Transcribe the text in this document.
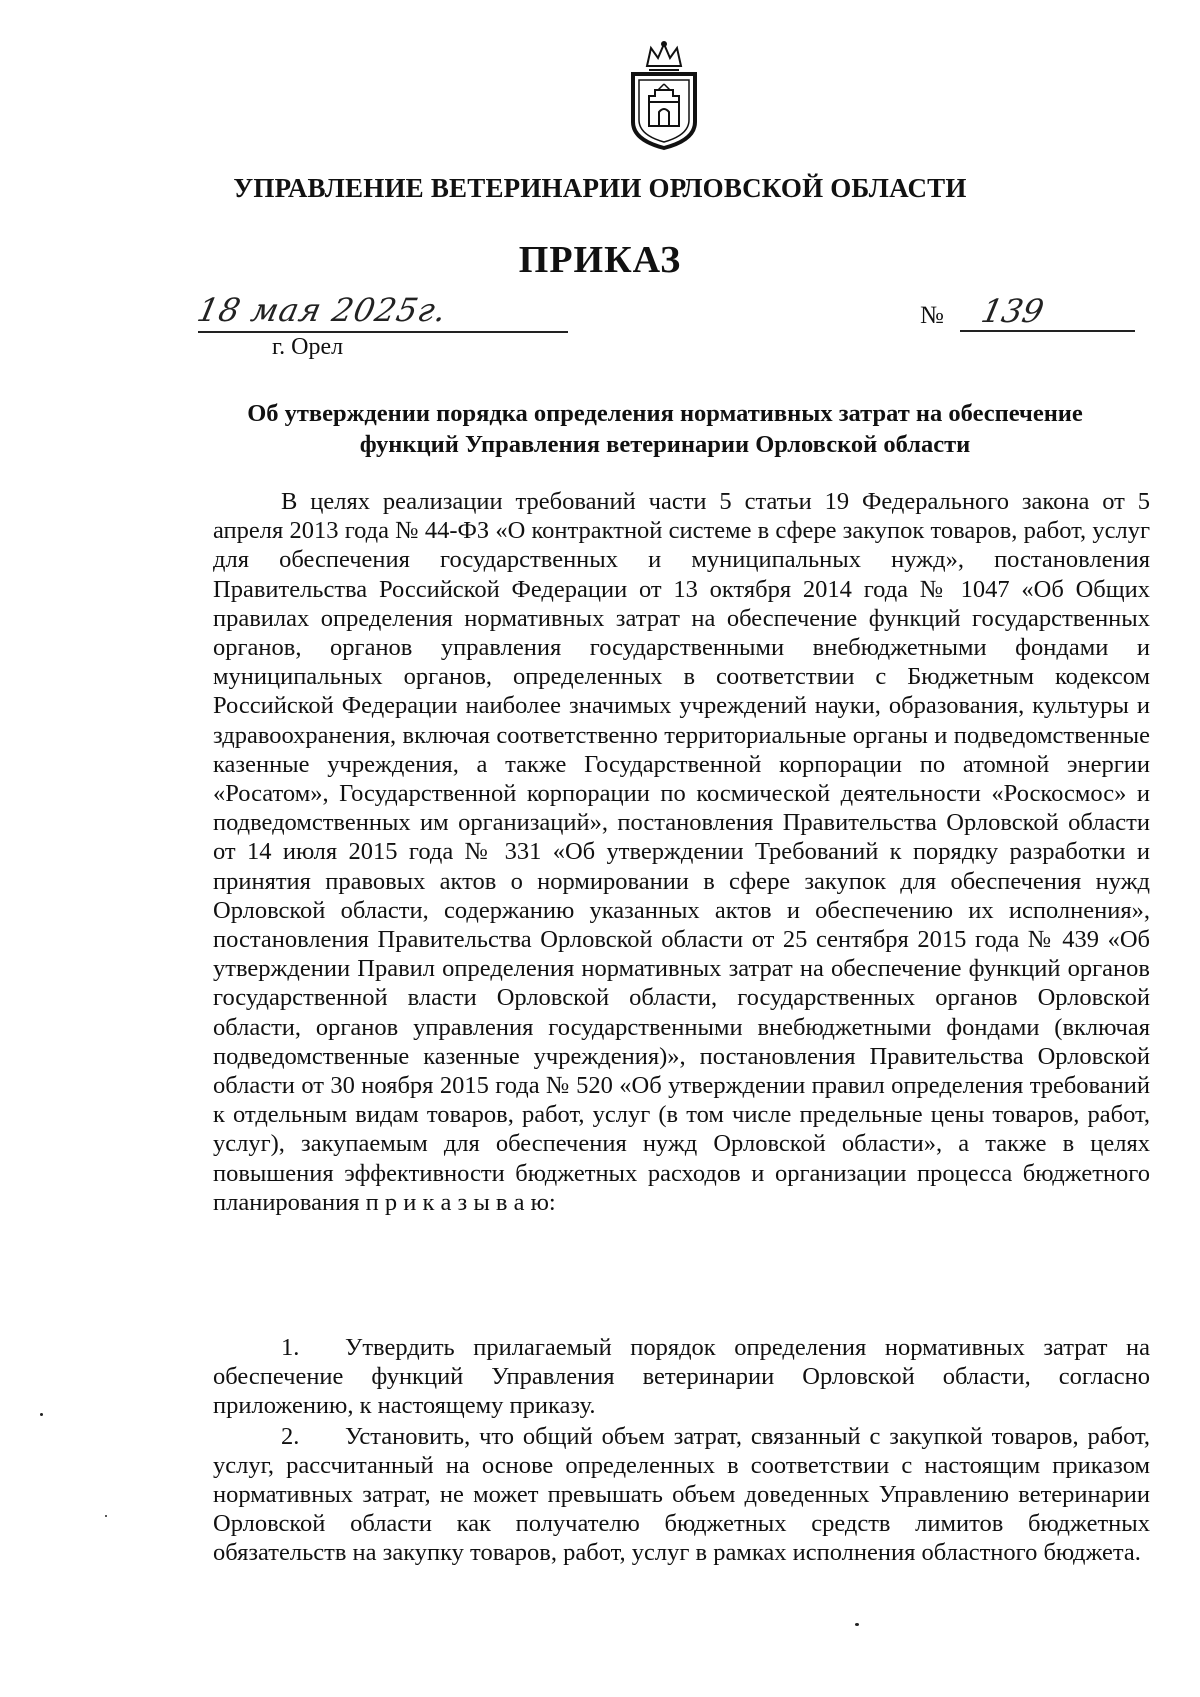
УПРАВЛЕНИЕ ВЕТЕРИНАРИИ ОРЛОВСКОЙ ОБЛАСТИ
ПРИКАЗ
18 мая 2025г.
г. Орел
№ 139
Об утверждении порядка определения нормативных затрат на обеспечение
функций Управления ветеринарии Орловской области

В целях реализации требований части 5 статьи 19 Федерального закона от 5 апреля 2013 года № 44-ФЗ «О контрактной системе в сфере закупок товаров, работ, услуг для обеспечения государственных и муниципальных нужд», постановления Правительства Российской Федерации от 13 октября 2014 года № 1047 «Об Общих правилах определения нормативных затрат на обеспечение функций государственных органов, органов управления государственными внебюджетными фондами и муниципальных органов, определенных в соответствии с Бюджетным кодексом Российской Федерации наиболее значимых учреждений науки, образования, культуры и здравоохранения, включая соответственно территориальные органы и подведомственные казенные учреждения, а также Государственной корпорации по атомной энергии «Росатом», Государственной корпорации по космической деятельности «Роскосмос» и подведомственных им организаций», постановления Правительства Орловской области от 14 июля 2015 года № 331 «Об утверждении Требований к порядку разработки и принятия правовых актов о нормировании в сфере закупок для обеспечения нужд Орловской области, содержанию указанных актов и обеспечению их исполнения», постановления Правительства Орловской области от 25 сентября 2015 года № 439 «Об утверждении Правил определения нормативных затрат на обеспечение функций органов государственной власти Орловской области, государственных органов Орловской области, органов управления государственными внебюджетными фондами (включая подведомственные казенные учреждения)», постановления Правительства Орловской области от 30 ноября 2015 года № 520 «Об утверждении правил определения требований к отдельным видам товаров, работ, услуг (в том числе предельные цены товаров, работ, услуг), закупаемым для обеспечения нужд Орловской области», а также в целях повышения эффективности бюджетных расходов и организации процесса бюджетного планирования п р и к а з ы в а ю:

1. Утвердить прилагаемый порядок определения нормативных затрат на обеспечение функций Управления ветеринарии Орловской области, согласно приложению, к настоящему приказу.

2. Установить, что общий объем затрат, связанный с закупкой товаров, работ, услуг, рассчитанный на основе определенных в соответствии с настоящим приказом нормативных затрат, не может превышать объем доведенных Управлению ветеринарии Орловской области как получателю бюджетных средств лимитов бюджетных обязательств на закупку товаров, работ, услуг в рамках исполнения областного бюджета.
